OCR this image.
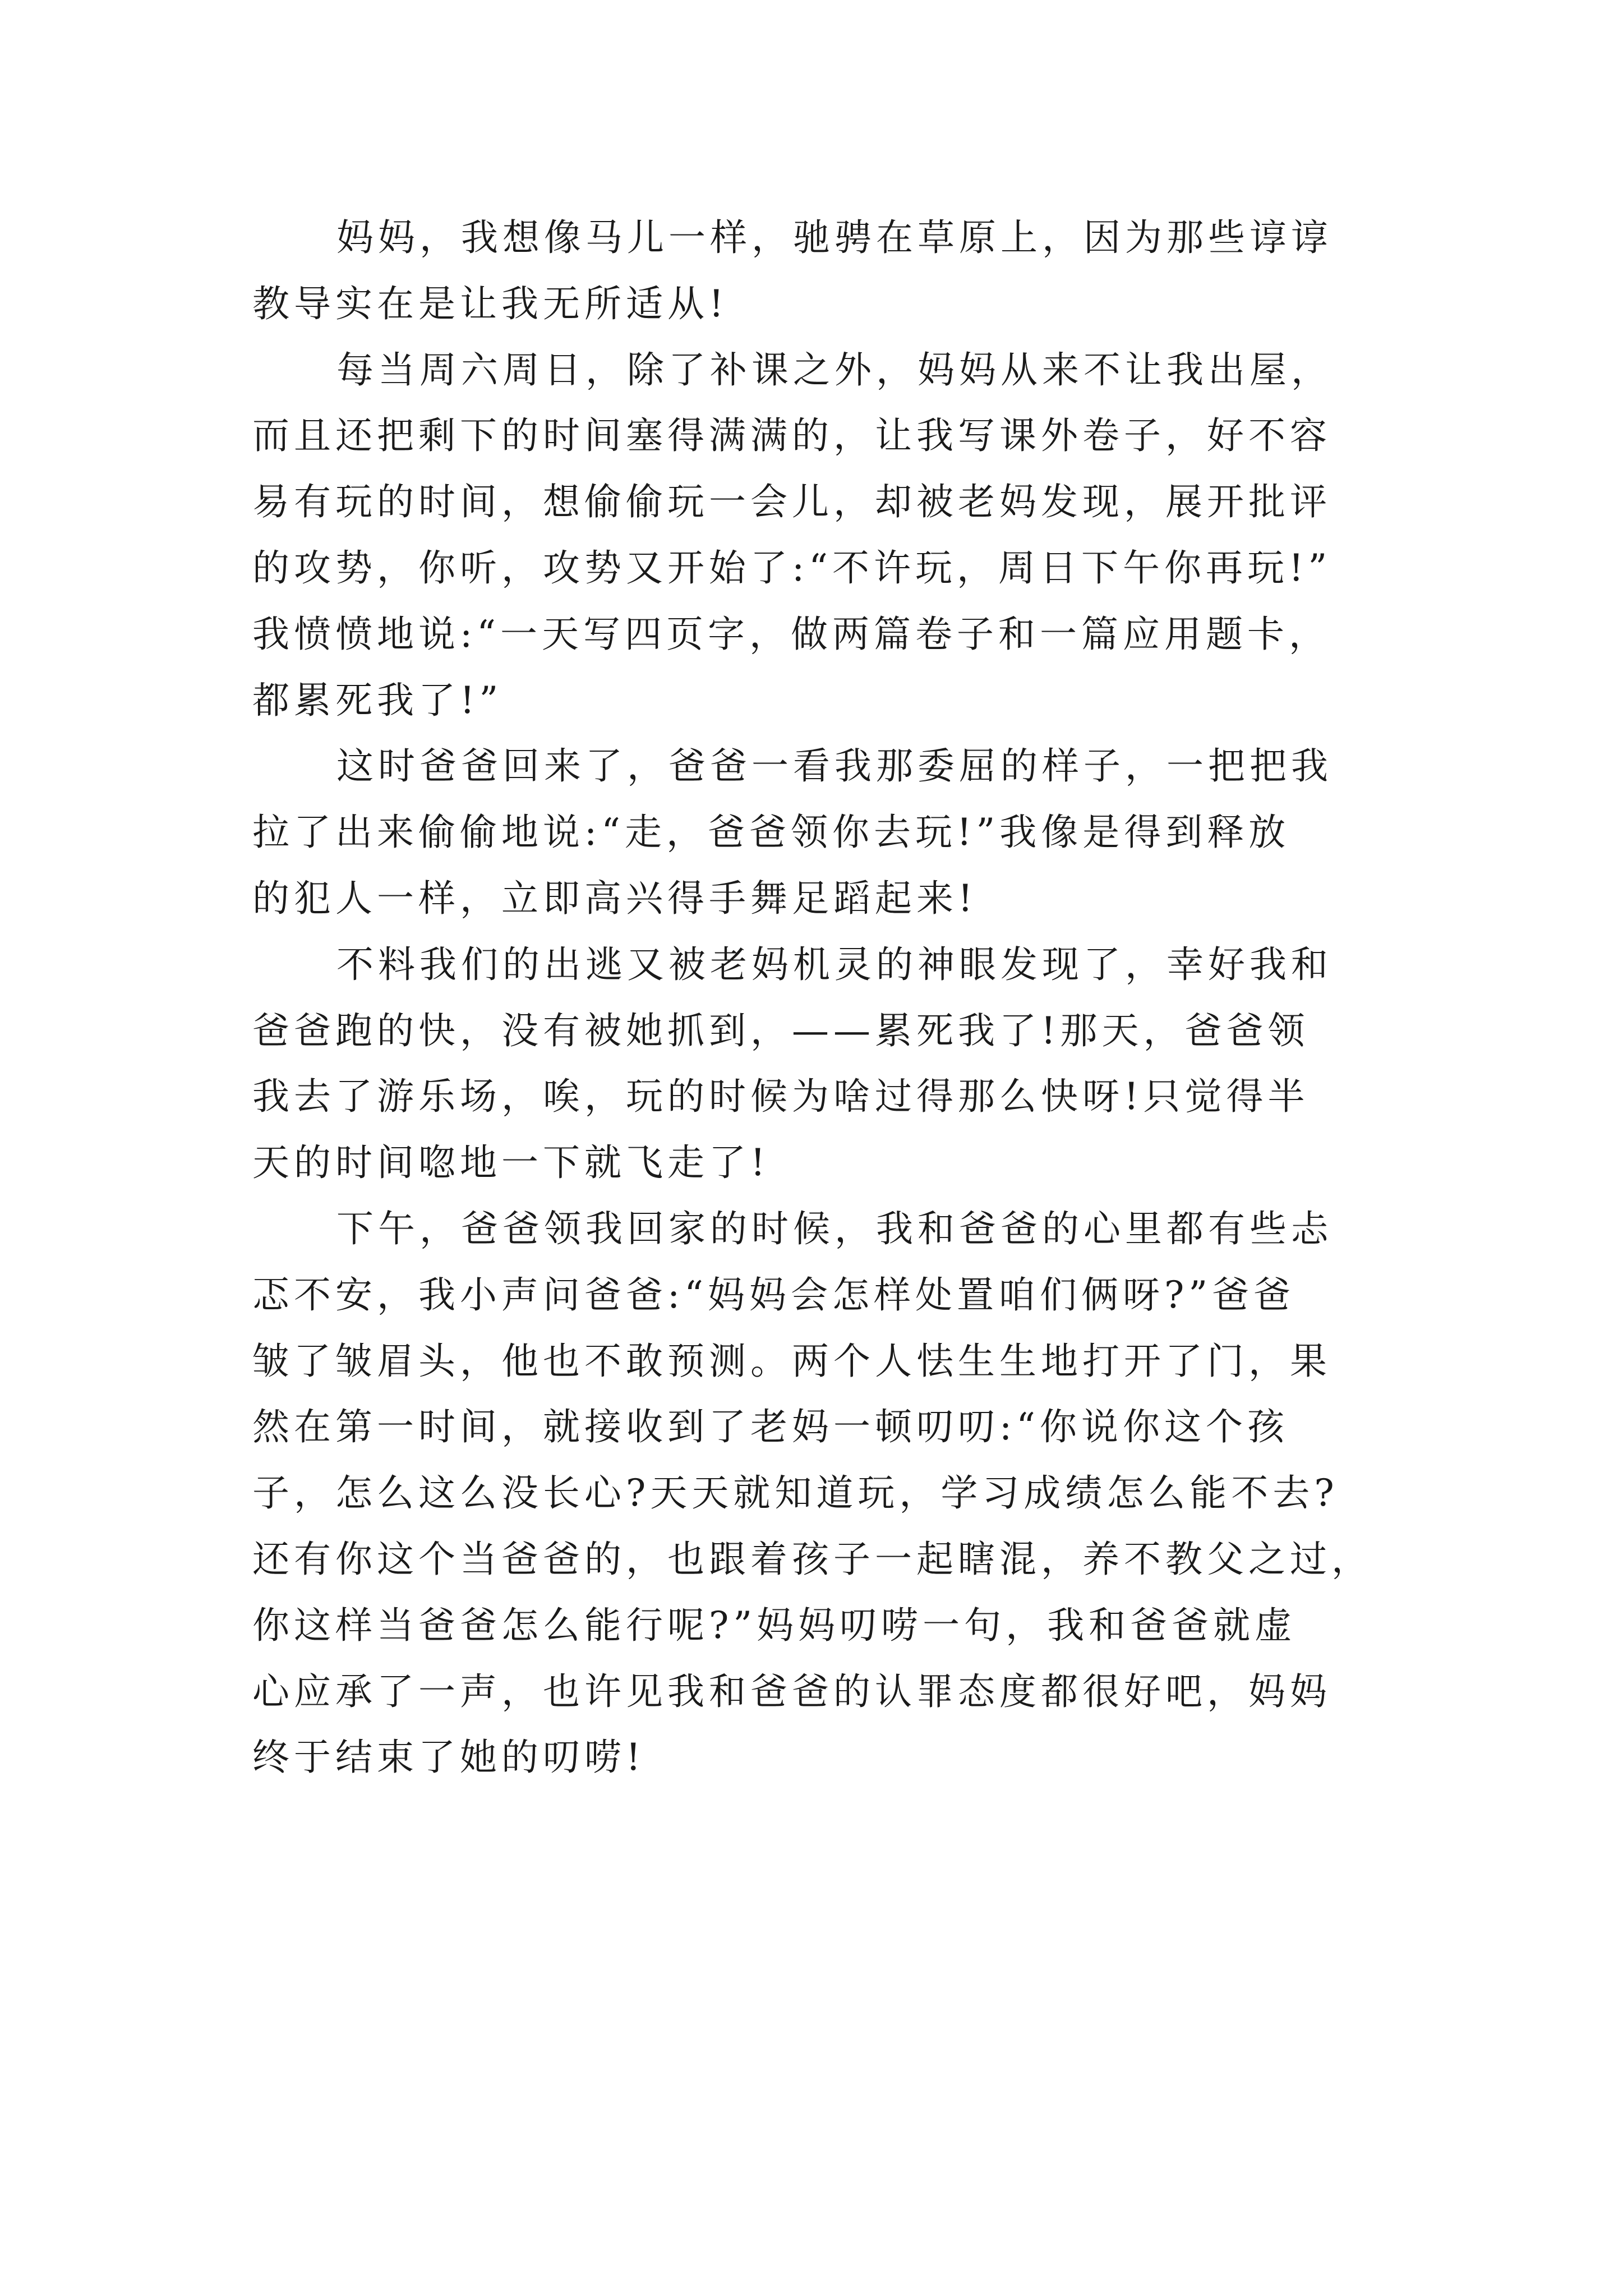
妈妈，我想像马儿一样，驰骋在草原上，因为那些谆谆
教导实在是让我无所适从!

每当周六周日，除了补课之外，妈妈从来不让我出屋，
而且还把剩下的时间塞得满满的，让我写课外卷子，好不容
易有玩的时间，想偷偷玩一会儿，却被老妈发现，展开批评
的攻势，你听，攻势又开始了:“不许玩，周日下午你再玩!”
我愤愤地说:“一天写四页字，做两篇卷子和一篇应用题卡，
都累死我了!”

这时爸爸回来了，爸爸一看我那委屈的样子，一把把我
拉了出来偷偷地说:“走，爸爸领你去玩!”我像是得到释放
的犯人一样，立即高兴得手舞足蹈起来!

不料我们的出逃又被老妈机灵的神眼发现了，幸好我和
爸爸跑的快，没有被她抓到，——累死我了!那天，爸爸领
我去了游乐场，唉，玩的时候为啥过得那么快呀!只觉得半
天的时间唿地一下就飞走了!

下午，爸爸领我回家的时候，我和爸爸的心里都有些忐
忑不安，我小声问爸爸:“妈妈会怎样处置咱们俩呀?”爸爸
皱了皱眉头，他也不敢预测。两个人怯生生地打开了门，果
然在第一时间，就接收到了老妈一顿叨叨:“你说你这个孩
子，怎么这么没长心?天天就知道玩，学习成绩怎么能不去?
还有你这个当爸爸的，也跟着孩子一起瞎混，养不教父之过，
你这样当爸爸怎么能行呢?”妈妈叨唠一句，我和爸爸就虚
心应承了一声，也许见我和爸爸的认罪态度都很好吧，妈妈
终于结束了她的叨唠!
